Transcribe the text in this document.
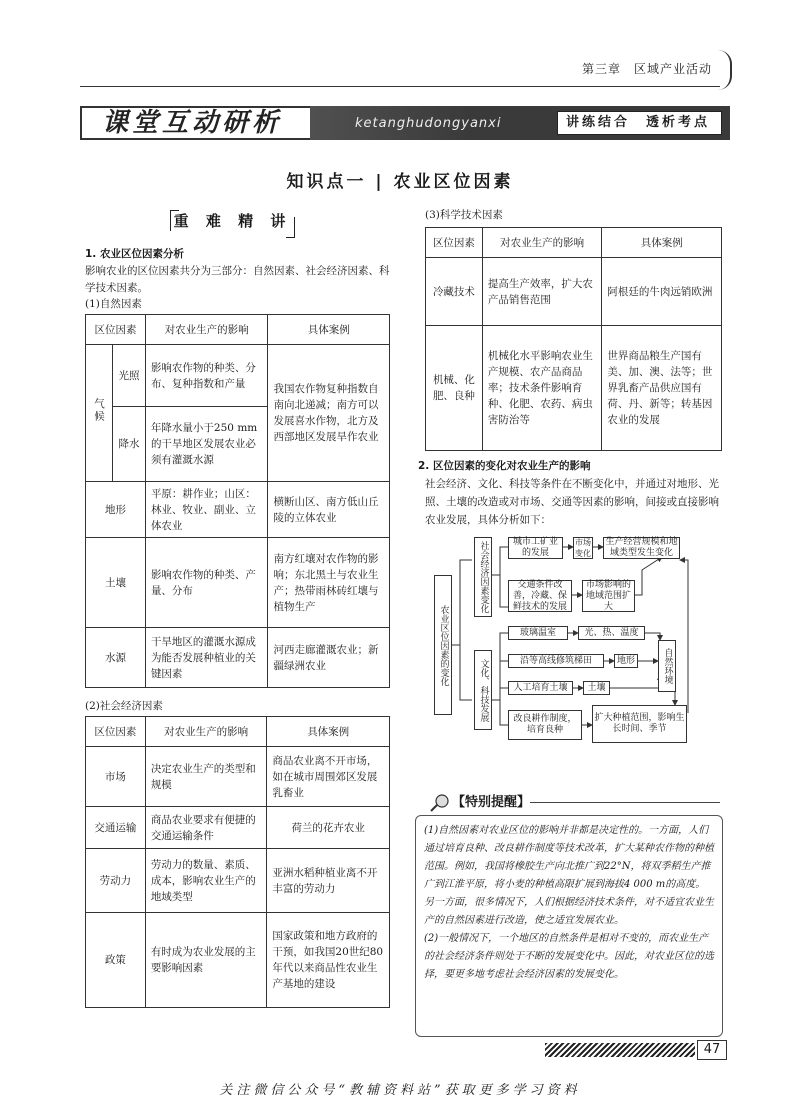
第三章　区域产业活动
课堂互动研析	ketanghudongyanxi	讲练结合　透析考点
知识点一 | 农业区位因素
重 难 精 讲
1. 农业区位因素分析
影响农业的区位因素共分为三部分：自然因素、社会经济因素、科学技术因素。
(1)自然因素
区位因素		对农业生产的影响	具体案例
气候	光照	影响农作物的种类、分布、复种指数和产量	我国农作物复种指数自南向北递减；南方可以发展喜水作物，北方及西部地区发展旱作农业
	降水	年降水量小于250 mm的干旱地区发展农业必须有灌溉水源	
地形		平原：耕作业；山区：林业、牧业、副业、立体农业	横断山区、南方低山丘陵的立体农业
土壤		影响农作物的种类、产量、分布	南方红壤对农作物的影响；东北黑土与农业生产；热带雨林砖红壤与植物生产
水源		干旱地区的灌溉水源成为能否发展种植业的关键因素	河西走廊灌溉农业；新疆绿洲农业
(2)社会经济因素
区位因素	对农业生产的影响	具体案例
市场	决定农业生产的类型和规模	商品农业离不开市场，如在城市周围郊区发展乳畜业
交通运输	商品农业要求有便捷的交通运输条件	荷兰的花卉农业
劳动力	劳动力的数量、素质、成本，影响农业生产的地域类型	亚洲水稻种植业离不开丰富的劳动力
政策	有时成为农业发展的主要影响因素	国家政策和地方政府的干预，如我国20世纪80年代以来商品性农业生产基地的建设
(3)科学技术因素
区位因素	对农业生产的影响	具体案例
冷藏技术	提高生产效率，扩大农产品销售范围	阿根廷的牛肉远销欧洲
机械、化肥、良种	机械化水平影响农业生产规模、农产品商品率；技术条件影响育种、化肥、农药、病虫害防治等	世界商品粮生产国有美、加、澳、法等；世界乳畜产品供应国有荷、丹、新等；转基因农业的发展
2. 区位因素的变化对农业生产的影响
社会经济、文化、科技等条件在不断变化中，并通过对地形、光照、土壤的改造或对市场、交通等因素的影响，间接或直接影响农业发展，具体分析如下：
农业区位因素的变化
社会经济因素变化
文化、科技发展
城市工矿业的发展
市场变化
生产经营规模和地域类型发生变化
交通条件改善，冷藏、保鲜技术的发展
市场影响的地域范围扩大
玻璃温室	光、热、温度
沿等高线修筑梯田	地形
人工培育土壤	土壤
自然环境
改良耕作制度，培育良种
扩大种植范围，影响生长时间、季节
【特别提醒】

(1)自然因素对农业区位的影响并非都是决定性的。一方面，人们通过培育良种、改良耕作制度等技术改革，扩大某种农作物的种植范围。例如，我国将橡胶生产向北推广到22°N，将双季稻生产推广到江淮平原，将小麦的种植高限扩展到海拔4 000 m的高度。另一方面，很多情况下，人们根据经济技术条件，对不适宜农业生产的自然因素进行改造，使之适宜发展农业。

(2)一般情况下，一个地区的自然条件是相对不变的，而农业生产的社会经济条件则处于不断的发展变化中。因此，对农业区位的选择，要更多地考虑社会经济因素的发展变化。

47
关注微信公众号“教辅资料站”获取更多学习资料
